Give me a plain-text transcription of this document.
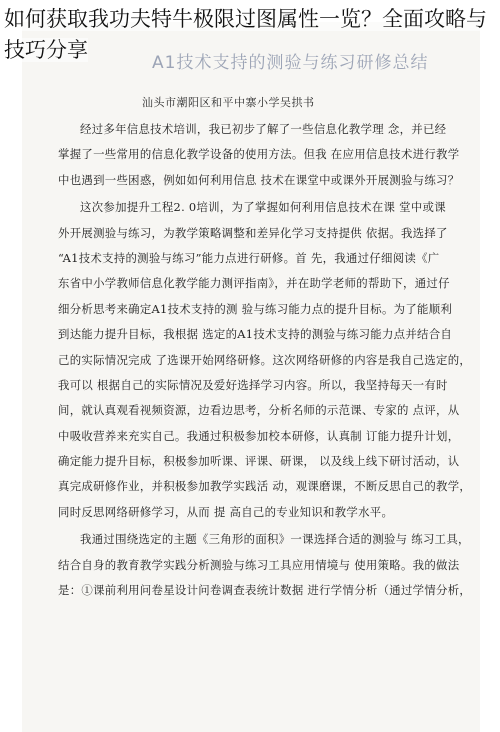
A1技术支持的测验与练习研修总结
汕头市潮阳区和平中寨小学吴拱书
经过多年信息技术培训，我已初步了解了一些信息化教学理 念，并已经
掌握了一些常用的信息化教学设备的使用方法。但我 在应用信息技术进行教学
中也遇到一些困惑，例如如何利用信息 技术在课堂中或课外开展测验与练习？
这次参加提升工程2. 0培训，为了掌握如何利用信息技术在课 堂中或课
外开展测验与练习，为教学策略调整和差异化学习支持提供 依据。我选择了
“A1技术支持的测验与练习”能力点进行研修。首 先，我通过仔细阅读《广
东省中小学教师信息化教学能力测评指南》，并在助学老师的帮助下，通过仔
细分析思考来确定A1技术支持的测 验与练习能力点的提升目标。为了能顺利
到达能力提升目标，我根据 选定的A1技术支持的测验与练习能力点并结合自
己的实际情况完成 了选课开始网络研修。这次网络研修的内容是我自己选定的，
我可以 根据自己的实际情况及爱好选择学习内容。所以，我坚持每天一有时
间，就认真观看视频资源，边看边思考，分析名师的示范课、专家的 点评，从
中吸收营养来充实自己。我通过积极参加校本研修，认真制 订能力提升计划，
确定能力提升目标，积极参加听课、评课、研课， 以及线上线下研讨活动，认
真完成研修作业，并积极参加教学实践活 动，观课磨课，不断反思自己的教学，
同时反思网络研修学习，从而 提 高自己的专业知识和教学水平。
我通过围绕选定的主题《三角形的面积》一课选择合适的测验与 练习工具，
结合自身的教育教学实践分析测验与练习工具应用情境与 使用策略。我的做法
是：①课前利用问卷星设计问卷调查表统计数据 进行学情分析（通过学情分析，
如何获取我功夫特牛极限过图属性一览？全面攻略与技巧分享
